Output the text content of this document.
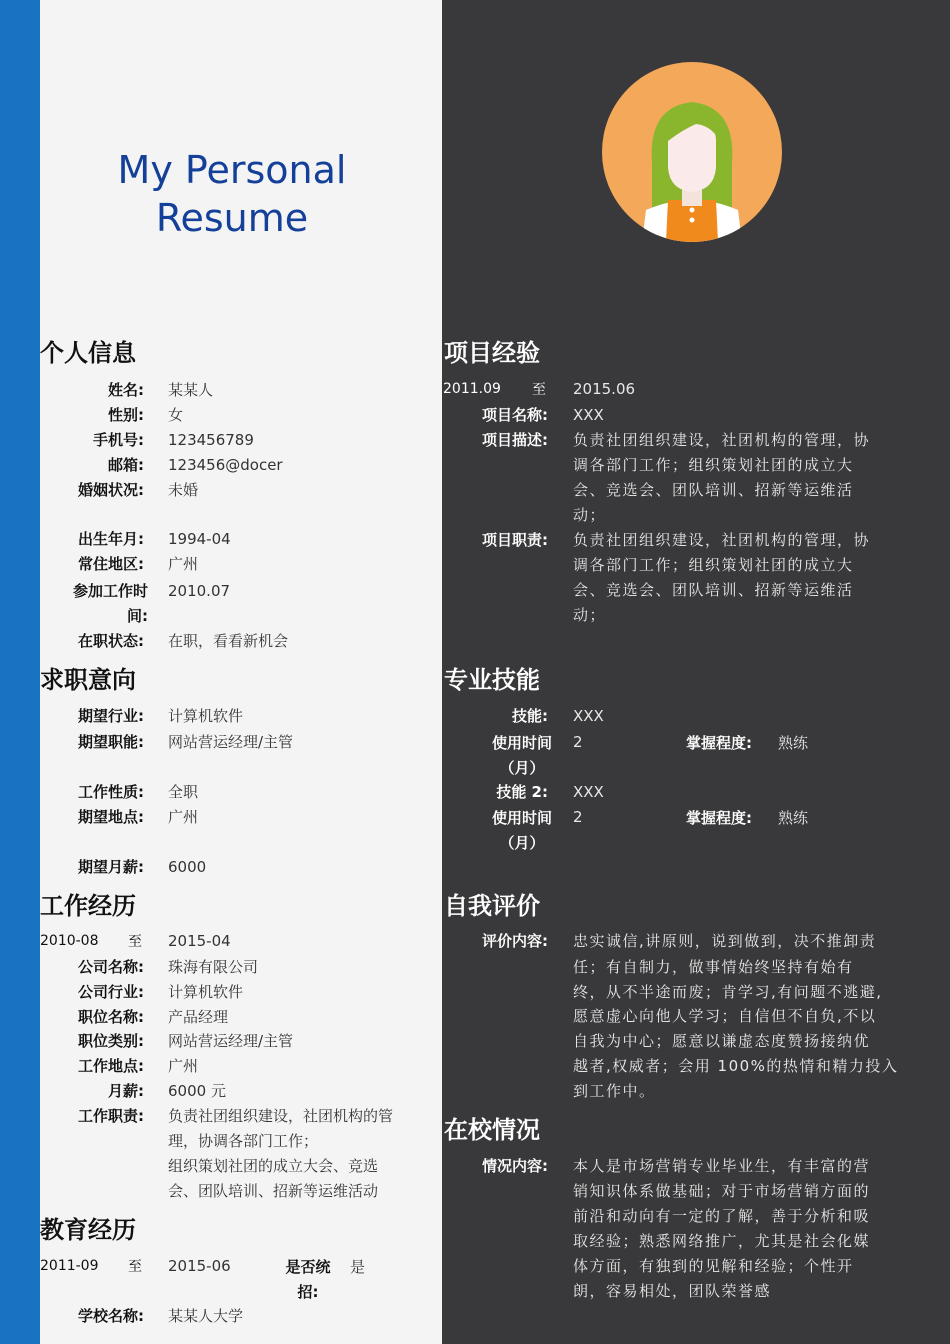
My Personal Resume
个人信息
姓名: 某某人
性别: 女
手机号: 123456789
邮箱: 123456@docer
婚姻状况: 未婚
出生年月: 1994-04
常住地区: 广州
参加工作时间:
2010.07
在职状态: 在职，看看新机会
求职意向
期望行业: 计算机软件
期望职能: 网站营运经理/主管
工作性质: 全职
期望地点: 广州
期望月薪: 6000
工作经历
2010-08 至 2015-04
公司名称: 珠海有限公司
公司行业: 计算机软件
职位名称: 产品经理
职位类别: 网站营运经理/主管
工作地点: 广州
月薪: 6000 元
工作职责: 负责社团组织建设，社团机构的管
理，协调各部门工作；
组织策划社团的成立大会、竞选
会、团队培训、招新等运维活动
教育经历
2011-09 至 2015-06	是否统招:
是
学校名称: 某某人大学
项目经验
2011.09 至 2015.06
项目名称: XXX
项目描述: 负责社团组织建设，社团机构的管理，协
调各部门工作；组织策划社团的成立大
会、竞选会、团队培训、招新等运维活
动；
项目职责: 负责社团组织建设，社团机构的管理，协
调各部门工作；组织策划社团的成立大
会、竞选会、团队培训、招新等运维活
动；
专业技能
技能: XXX
使用时间（月）
2	掌握程度: 熟练
技能 2: XXX
使用时间（月）
2	掌握程度: 熟练
自我评价
评价内容: 忠实诚信,讲原则，说到做到，决不推卸责
任；有自制力，做事情始终坚持有始有
终，从不半途而废；肯学习,有问题不逃避,
愿意虚心向他人学习；自信但不自负,不以
自我为中心；愿意以谦虚态度赞扬接纳优
越者,权威者；会用 100%的热情和精力投入
到工作中。
在校情况
情况内容: 本人是市场营销专业毕业生，有丰富的营
销知识体系做基础；对于市场营销方面的
前沿和动向有一定的了解，善于分析和吸
取经验；熟悉网络推广，尤其是社会化媒
体方面，有独到的见解和经验；个性开
朗，容易相处，团队荣誉感
